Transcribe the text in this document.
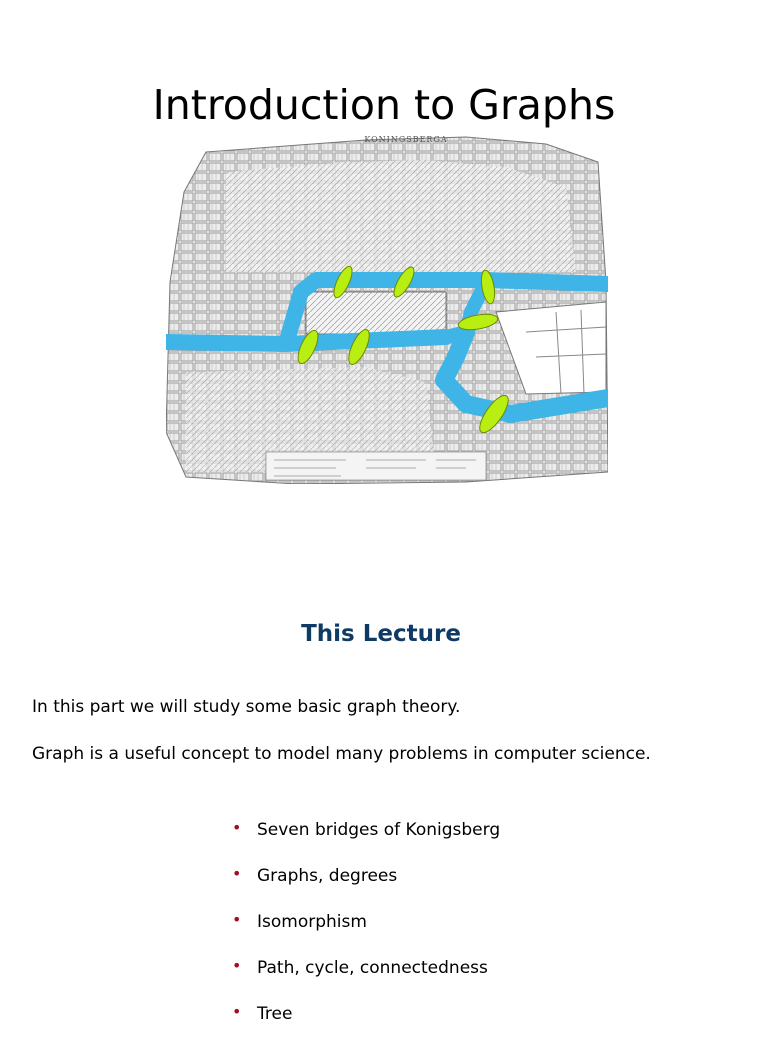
Introduction to Graphs
KONINGSBERGA
This Lecture
In this part we will study some basic graph theory.
Graph is a useful concept to model many problems in computer science.
• Seven bridges of Konigsberg
• Graphs, degrees
• Isomorphism
• Path, cycle, connectedness
• Tree
